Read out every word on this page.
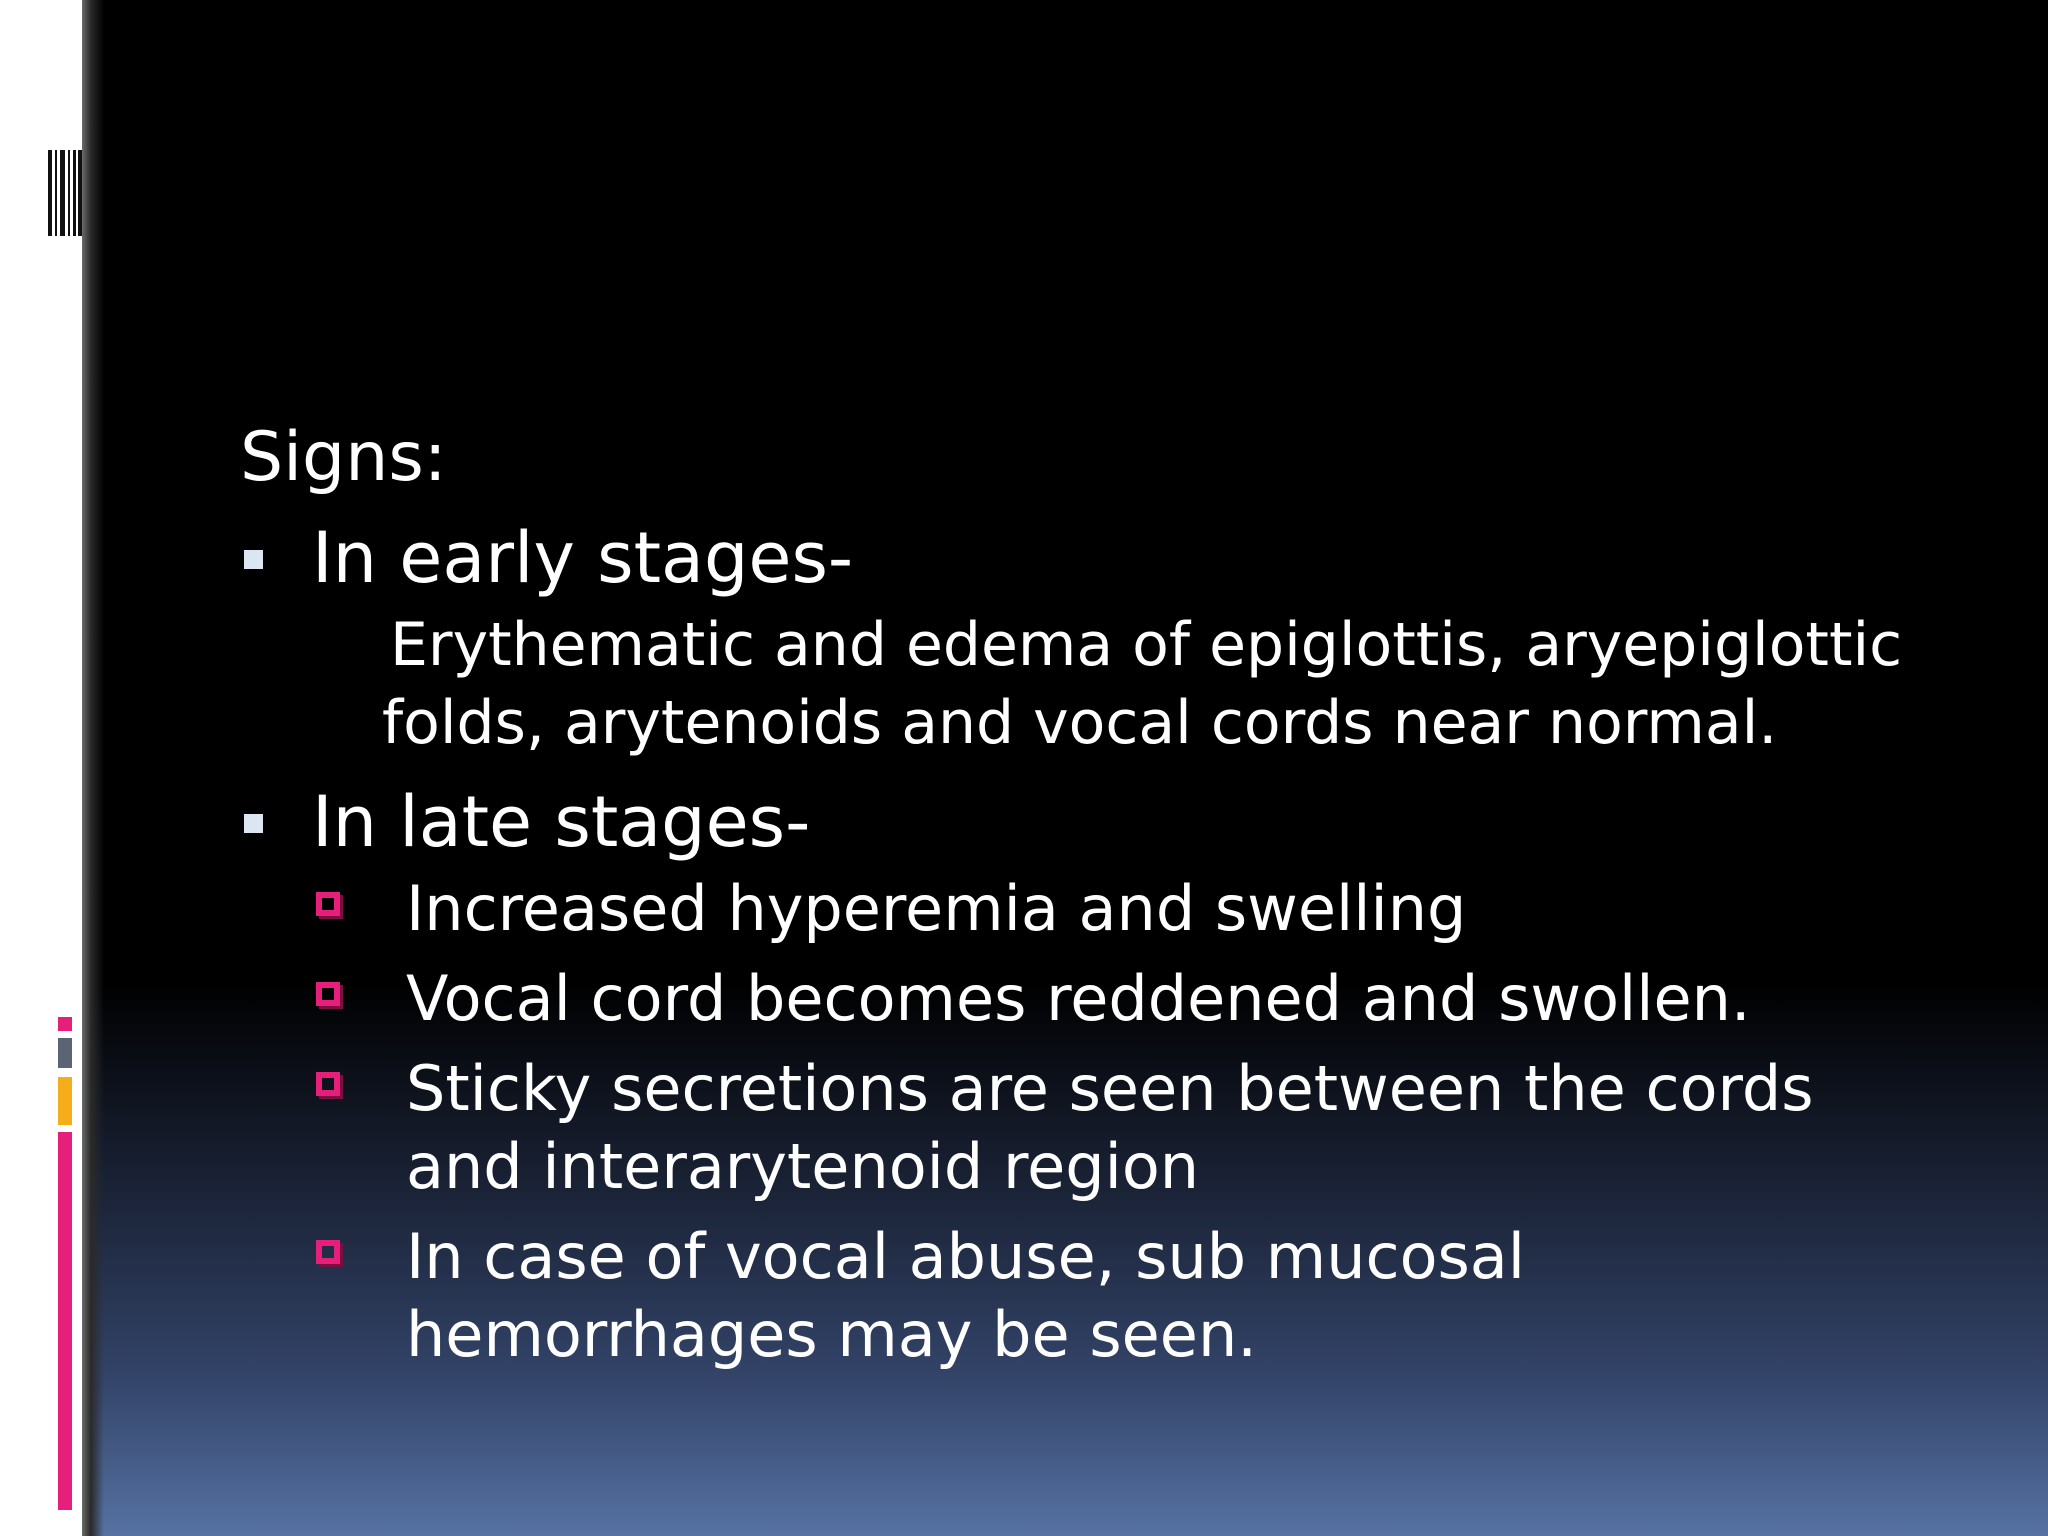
Signs:
In early stages-
Erythematic and edema of epiglottis, aryepiglottic folds, arytenoids and vocal cords near normal.
In late stages-
Increased hyperemia and swelling
Vocal cord becomes reddened and swollen.
Sticky secretions are seen between the cords and interarytenoid region
In case of vocal abuse, sub mucosal hemorrhages may be seen.
